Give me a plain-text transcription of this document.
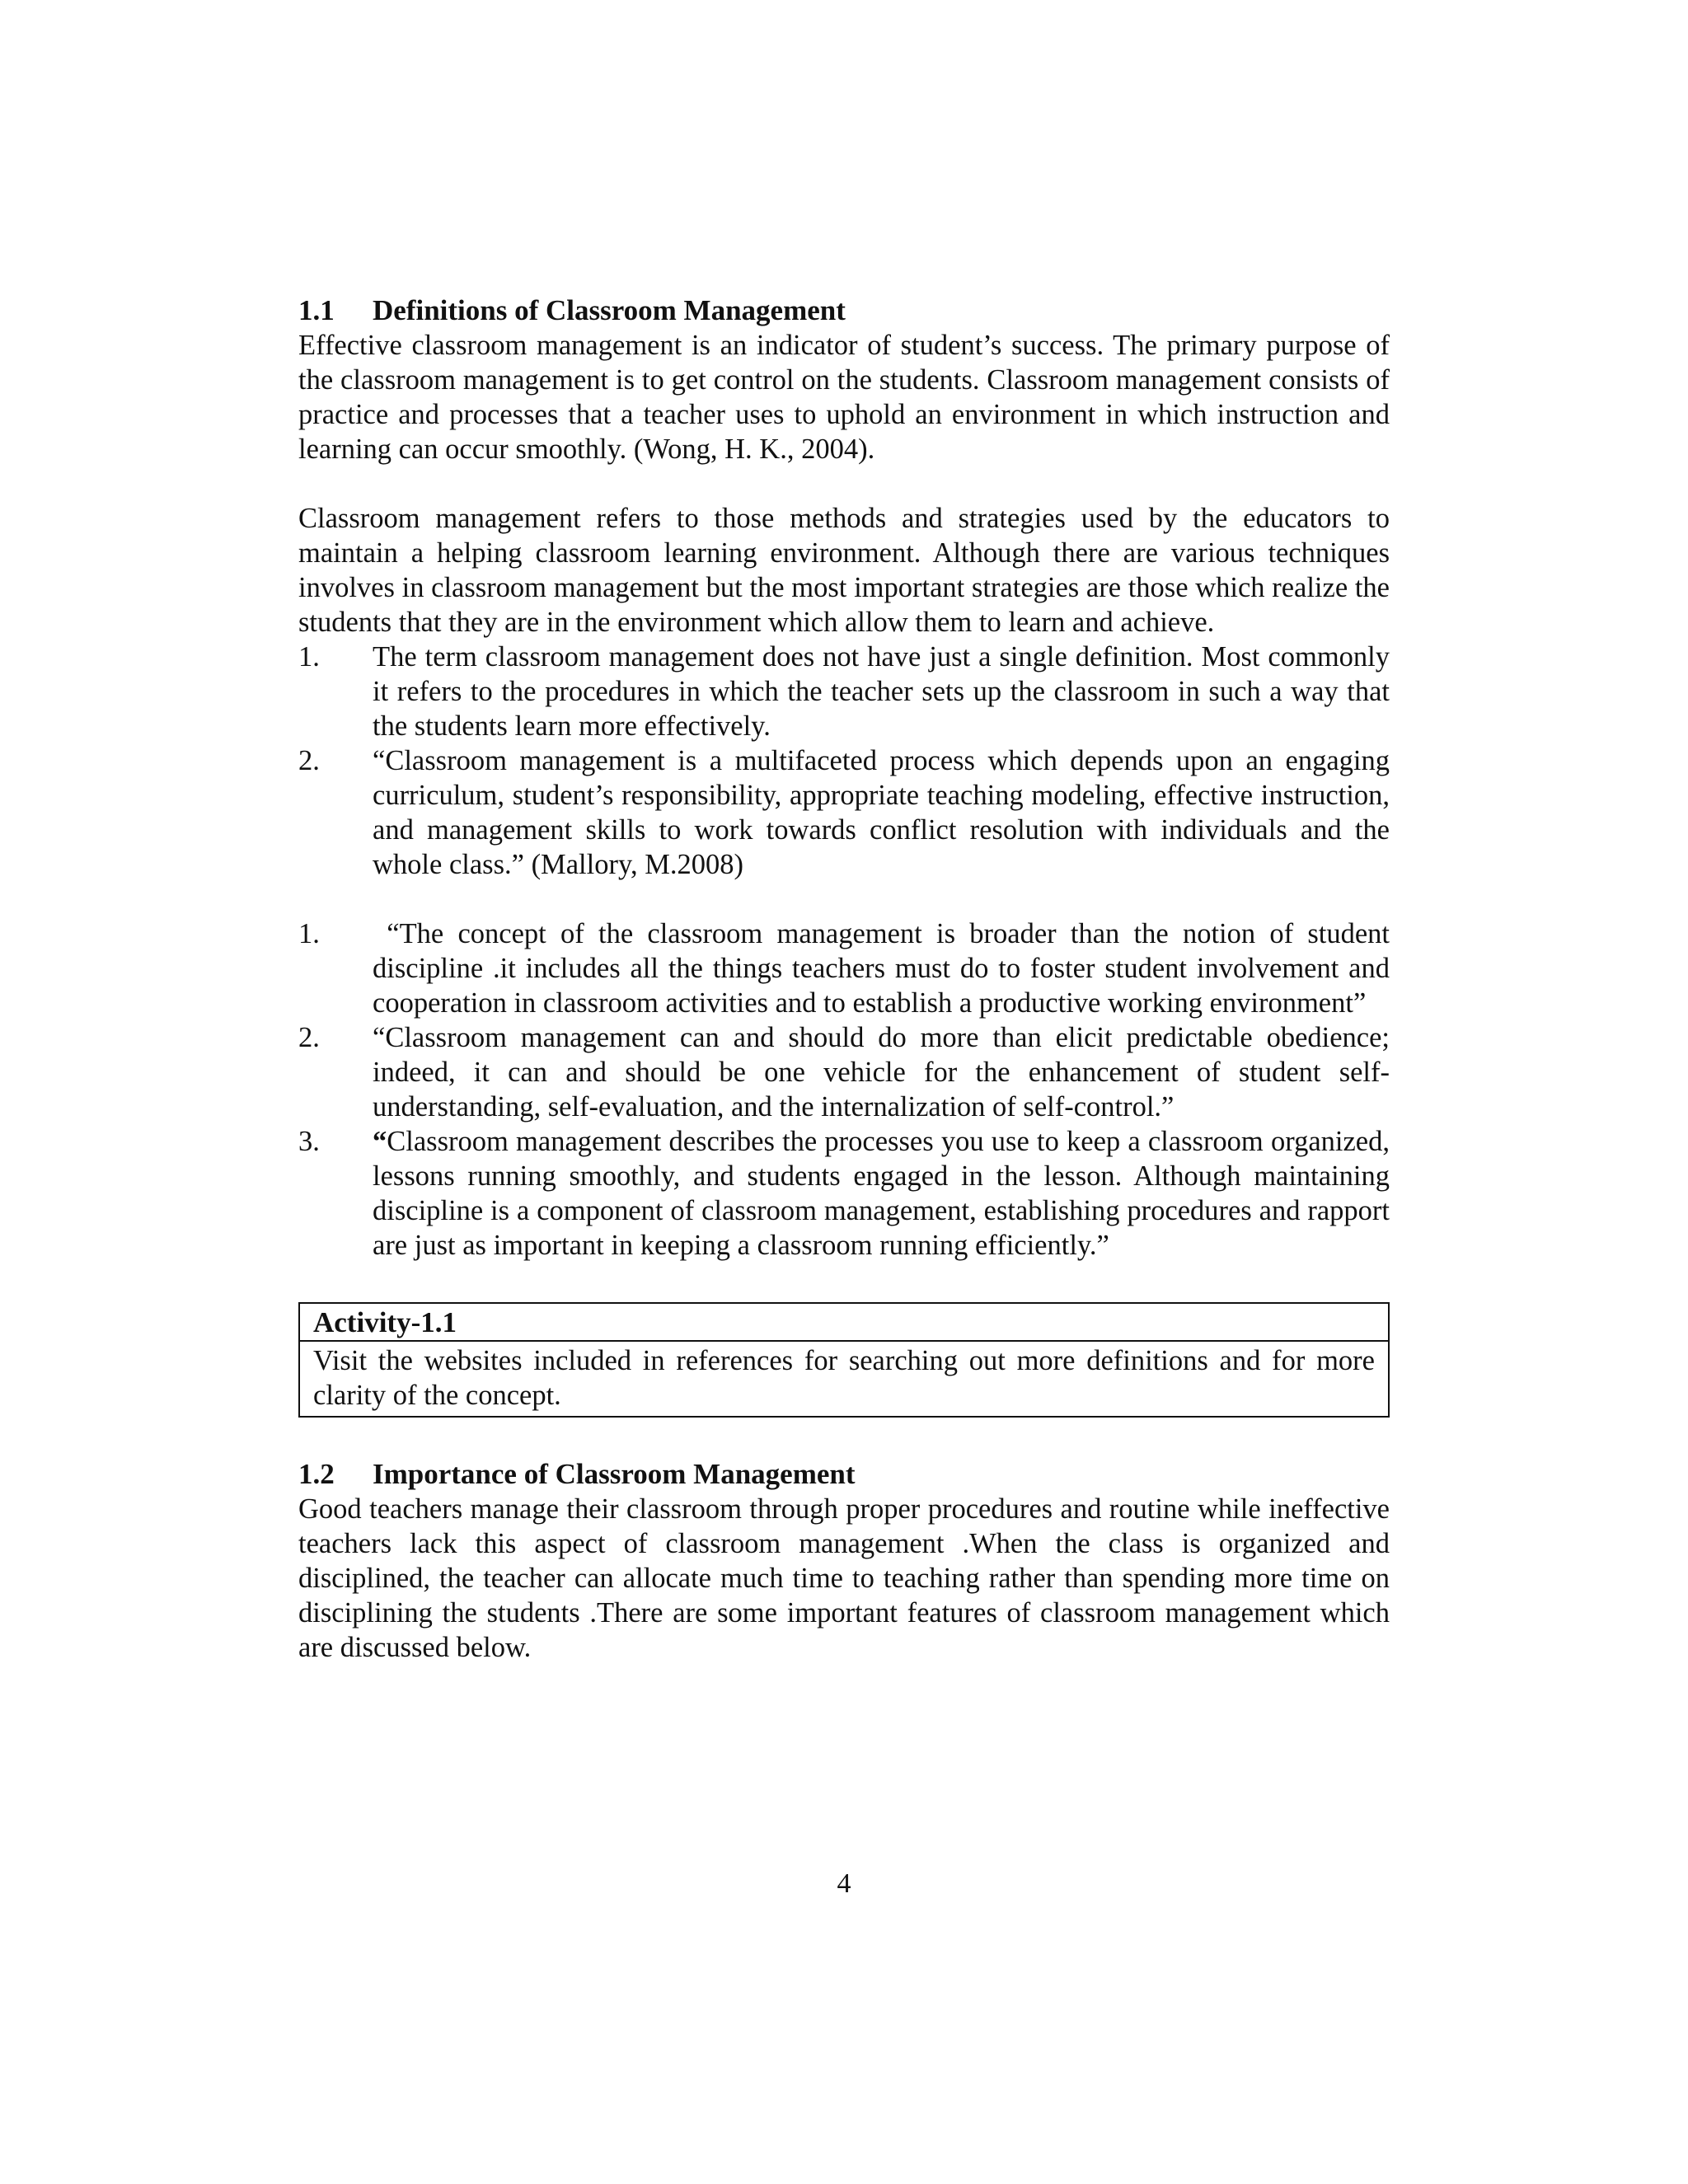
1.1	Definitions of Classroom Management

Effective classroom management is an indicator of student’s success. The primary purpose of the classroom management is to get control on the students. Classroom management consists of practice and processes that a teacher uses to uphold an environment in which instruction and learning can occur smoothly. (Wong, H. K., 2004).

Classroom management refers to those methods and strategies used by the educators to maintain a helping classroom learning environment. Although there are various techniques involves in classroom management but the most important strategies are those which realize the students that they are in the environment which allow them to learn and achieve.

1.	The term classroom management does not have just a single definition. Most commonly it refers to the procedures in which the teacher sets up the classroom in such a way that the students learn more effectively.
2.	“Classroom management is a multifaceted process which depends upon an engaging curriculum, student’s responsibility, appropriate teaching modeling, effective instruction, and management skills to work towards conflict resolution with individuals and the whole class.” (Mallory, M.2008)
1.	“The concept of the classroom management is broader than the notion of student discipline .it includes all the things teachers must do to foster student involvement and cooperation in classroom activities and to establish a productive working environment”
2.	“Classroom management can and should do more than elicit predictable obedience; indeed, it can and should be one vehicle for the enhancement of student self-understanding, self-evaluation, and the internalization of self-control.”
3.	“Classroom management describes the processes you use to keep a classroom organized, lessons running smoothly, and students engaged in the lesson. Although maintaining discipline is a component of classroom management, establishing procedures and rapport are just as important in keeping a classroom running efficiently.”
Activity-1.1
Visit the websites included in references for searching out more definitions and for more clarity of the concept.
1.2	Importance of Classroom Management

Good teachers manage their classroom through proper procedures and routine while ineffective teachers lack this aspect of classroom management .When the class is organized and disciplined, the teacher can allocate much time to teaching rather than spending more time on disciplining the students .There are some important features of classroom management which are discussed below.

4
